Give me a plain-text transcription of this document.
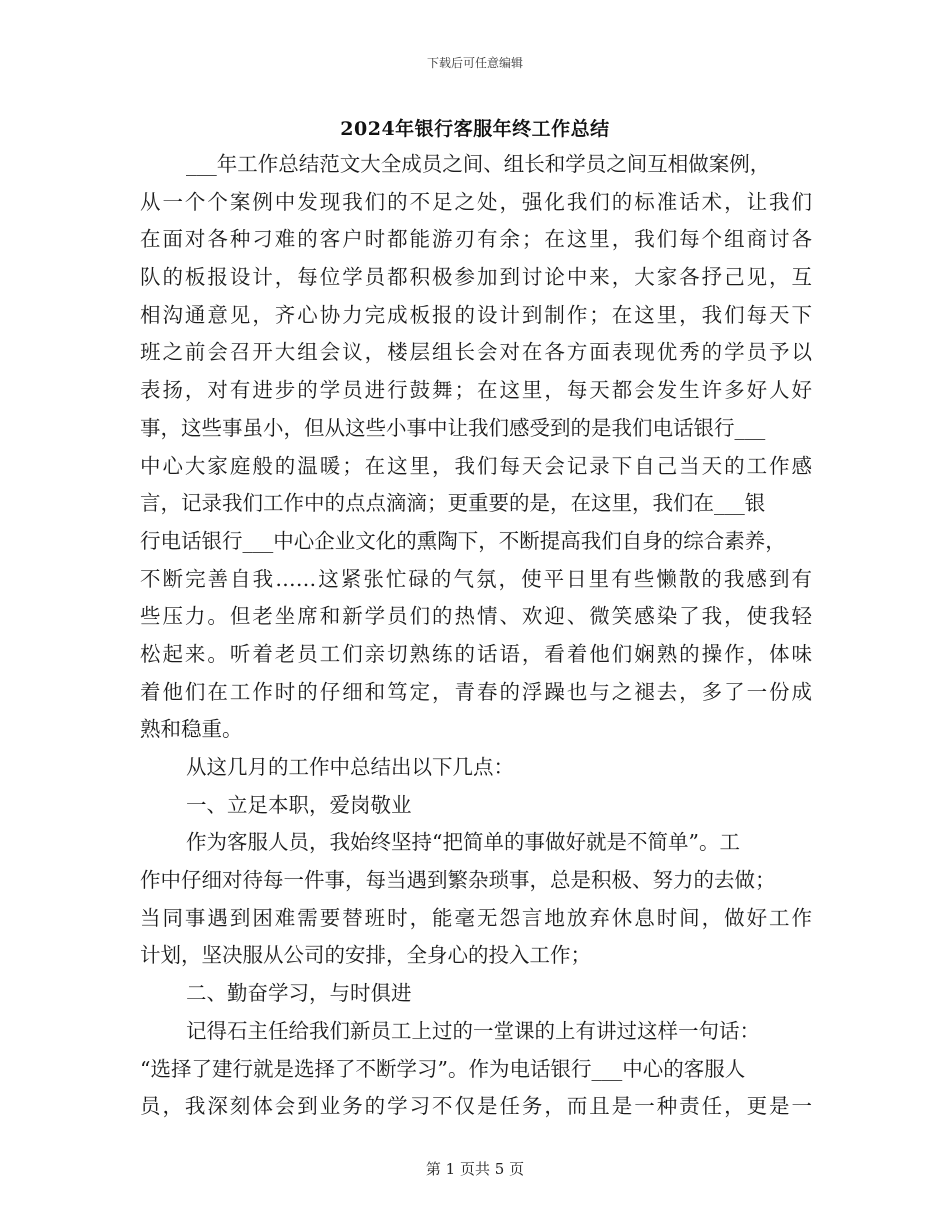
下载后可任意编辑
2024年银行客服年终工作总结
___年工作总结范文大全成员之间、组长和学员之间互相做案例，
从一个个案例中发现我们的不足之处，强化我们的标准话术，让我们
在面对各种刁难的客户时都能游刃有余；在这里，我们每个组商讨各
队的板报设计，每位学员都积极参加到讨论中来，大家各抒己见，互
相沟通意见，齐心协力完成板报的设计到制作；在这里，我们每天下
班之前会召开大组会议，楼层组长会对在各方面表现优秀的学员予以
表扬，对有进步的学员进行鼓舞；在这里，每天都会发生许多好人好
事，这些事虽小，但从这些小事中让我们感受到的是我们电话银行___
中心大家庭般的温暖；在这里，我们每天会记录下自己当天的工作感
言，记录我们工作中的点点滴滴；更重要的是，在这里，我们在___银
行电话银行___中心企业文化的熏陶下，不断提高我们自身的综合素养，
不断完善自我……这紧张忙碌的气氛，使平日里有些懒散的我感到有
些压力。但老坐席和新学员们的热情、欢迎、微笑感染了我，使我轻
松起来。听着老员工们亲切熟练的话语，看着他们娴熟的操作，体味
着他们在工作时的仔细和笃定，青春的浮躁也与之褪去，多了一份成
熟和稳重。
从这几月的工作中总结出以下几点：
一、立足本职，爱岗敬业
作为客服人员，我始终坚持“把简单的事做好就是不简单”。工
作中仔细对待每一件事，每当遇到繁杂琐事，总是积极、努力的去做；
当同事遇到困难需要替班时，能毫无怨言地放弃休息时间，做好工作
计划，坚决服从公司的安排，全身心的投入工作；
二、勤奋学习，与时俱进
记得石主任给我们新员工上过的一堂课的上有讲过这样一句话：
“选择了建行就是选择了不断学习”。作为电话银行___中心的客服人
员，我深刻体会到业务的学习不仅是任务，而且是一种责任，更是一
第 1 页共 5 页
